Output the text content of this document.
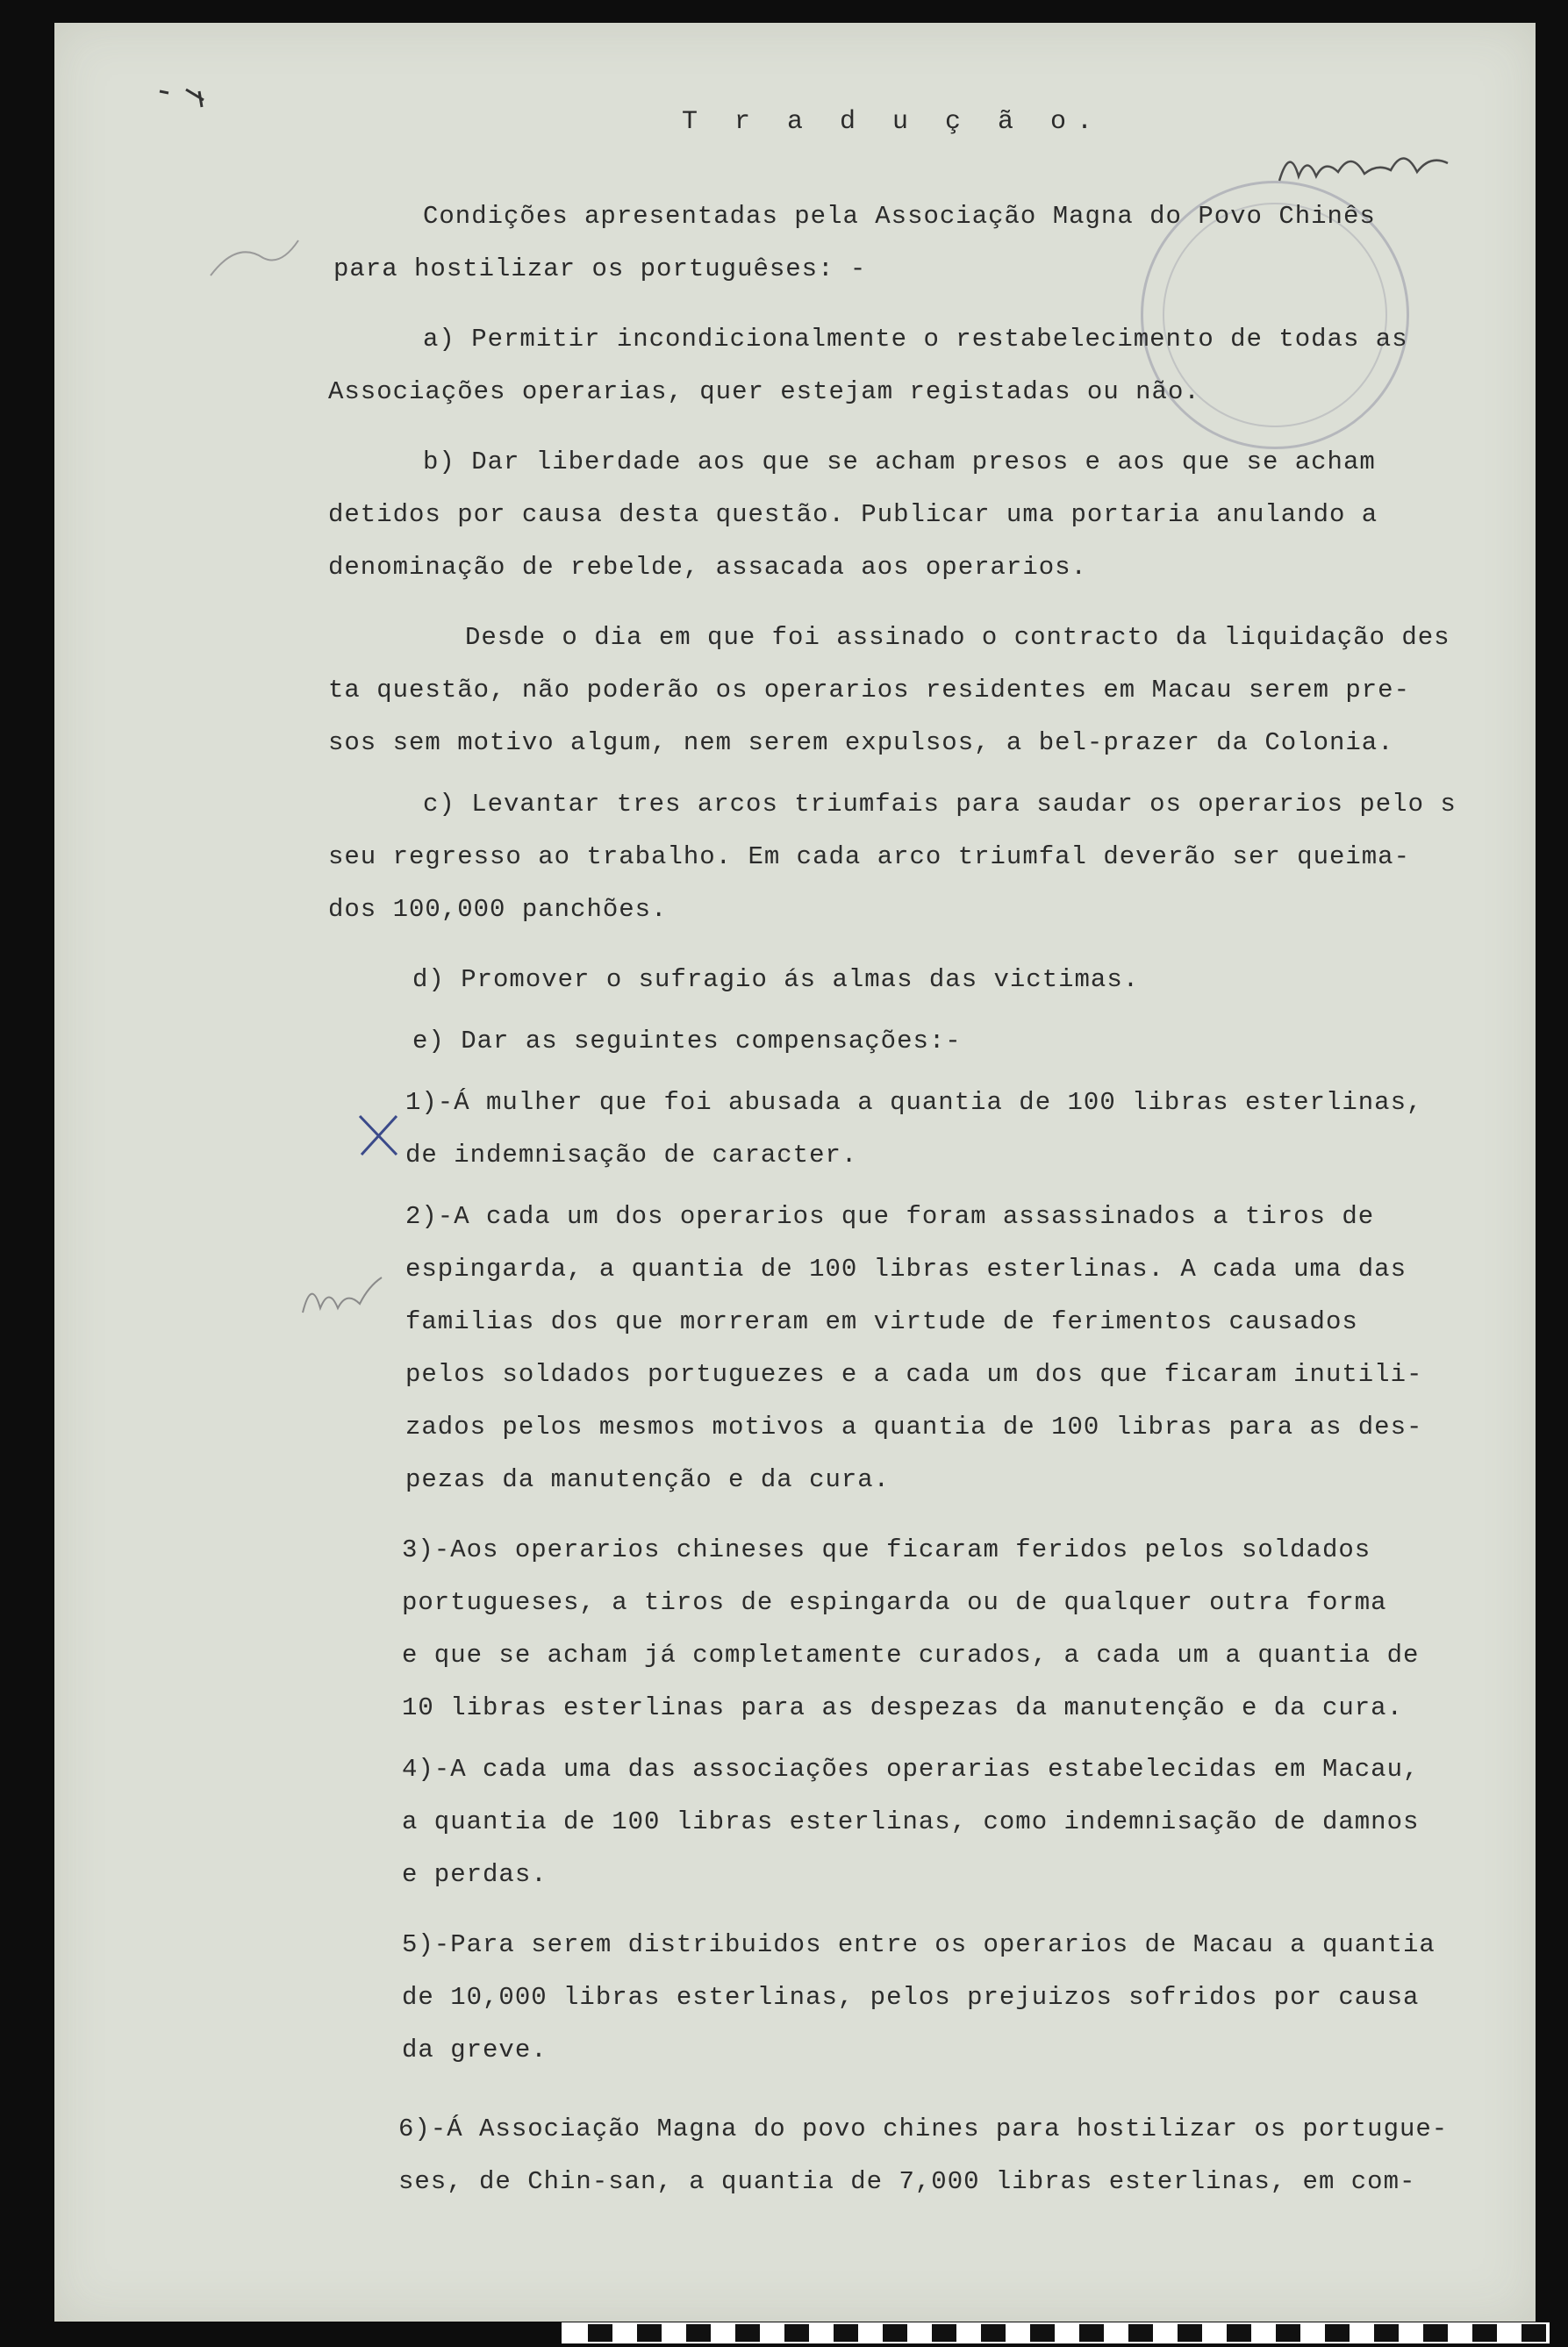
T r a d u ç ã o.

Condições apresentadas pela Associação Magna do Povo Chinês

para hostilizar os portuguêses: -

a) Permitir incondicionalmente o restabelecimento de todas as

Associações operarias, quer estejam registadas ou não.

b) Dar liberdade aos que se acham presos e aos que se acham

detidos por causa desta questão. Publicar uma portaria anulando a

denominação de rebelde, assacada aos operarios.

Desde o dia em que foi assinado o contracto da liquidação des

ta questão, não poderão os operarios residentes em Macau serem pre-

sos sem motivo algum, nem serem expulsos, a bel-prazer da Colonia.

c) Levantar tres arcos triumfais para saudar os operarios pelo s

seu regresso ao trabalho. Em cada arco triumfal deverão ser queima-

dos 100,000 panchões.

d) Promover o sufragio ás almas das victimas.

e) Dar as seguintes compensações:-

1)-Á mulher que foi abusada a quantia de 100 libras esterlinas,

de indemnisação de caracter.

2)-A cada um dos operarios que foram assassinados a tiros de

espingarda, a quantia de 100 libras esterlinas. A cada uma das

familias dos que morreram em virtude de ferimentos causados

pelos soldados portuguezes e a cada um dos que ficaram inutili-

zados pelos mesmos motivos a quantia de 100 libras para as des-

pezas da manutenção e da cura.

3)-Aos operarios chineses que ficaram feridos pelos soldados

portugueses, a tiros de espingarda ou de qualquer outra forma

e que se acham já completamente curados, a cada um a quantia de

10 libras esterlinas para as despezas da manutenção e da cura.

4)-A cada uma das associações operarias estabelecidas em Macau,

a quantia de 100 libras esterlinas, como indemnisação de damnos

e perdas.

5)-Para serem distribuidos entre os operarios de Macau a quantia

de 10,000 libras esterlinas, pelos prejuizos sofridos por causa

da greve.

6)-Á Associação Magna do povo chines para hostilizar os portugue-

ses, de Chin-san, a quantia de 7,000 libras esterlinas, em com-
